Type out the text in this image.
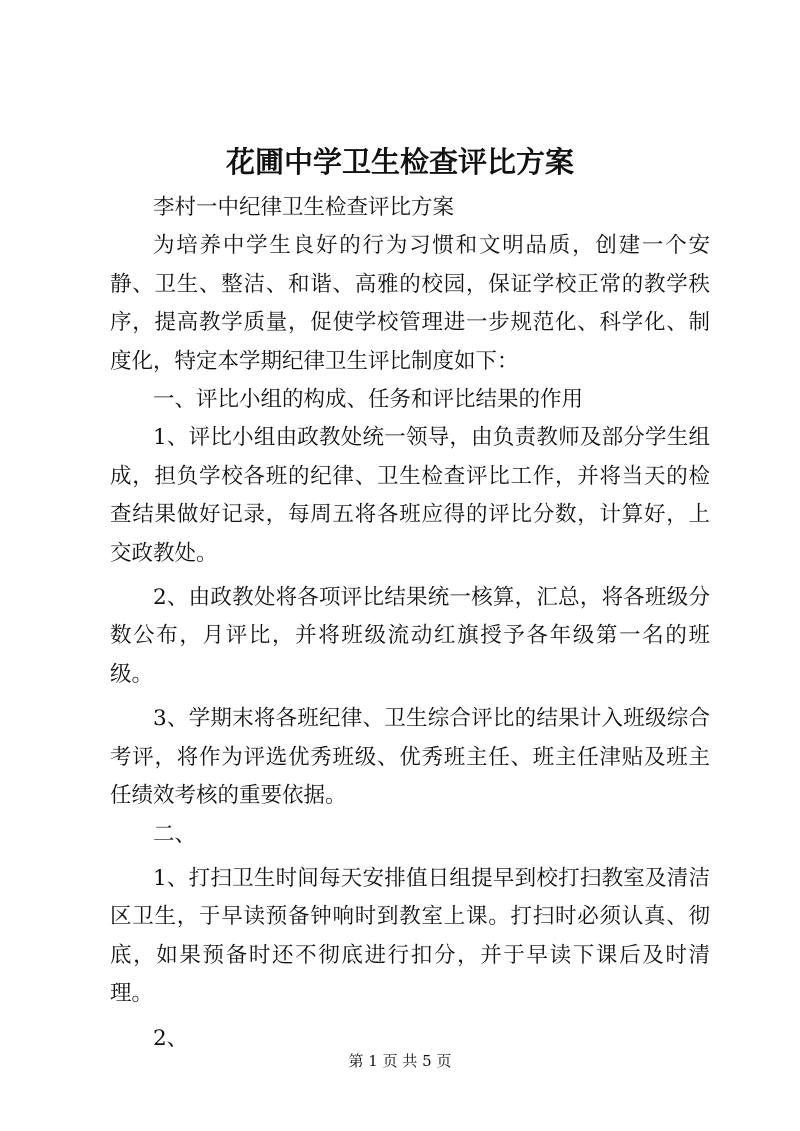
花圃中学卫生检查评比方案

李村一中纪律卫生检查评比方案

为培养中学生良好的行为习惯和文明品质，创建一个安静、卫生、整洁、和谐、高雅的校园，保证学校正常的教学秩序，提高教学质量，促使学校管理进一步规范化、科学化、制度化，特定本学期纪律卫生评比制度如下：

一、评比小组的构成、任务和评比结果的作用

1、评比小组由政教处统一领导，由负责教师及部分学生组成，担负学校各班的纪律、卫生检查评比工作，并将当天的检查结果做好记录，每周五将各班应得的评比分数，计算好，上交政教处。

2、由政教处将各项评比结果统一核算，汇总，将各班级分数公布，月评比，并将班级流动红旗授予各年级第一名的班级。

3、学期末将各班纪律、卫生综合评比的结果计入班级综合考评，将作为评选优秀班级、优秀班主任、班主任津贴及班主任绩效考核的重要依据。

二、

1、打扫卫生时间每天安排值日组提早到校打扫教室及清洁区卫生，于早读预备钟响时到教室上课。打扫时必须认真、彻底，如果预备时还不彻底进行扣分，并于早读下课后及时清理。

2、

第 1 页 共 5 页
